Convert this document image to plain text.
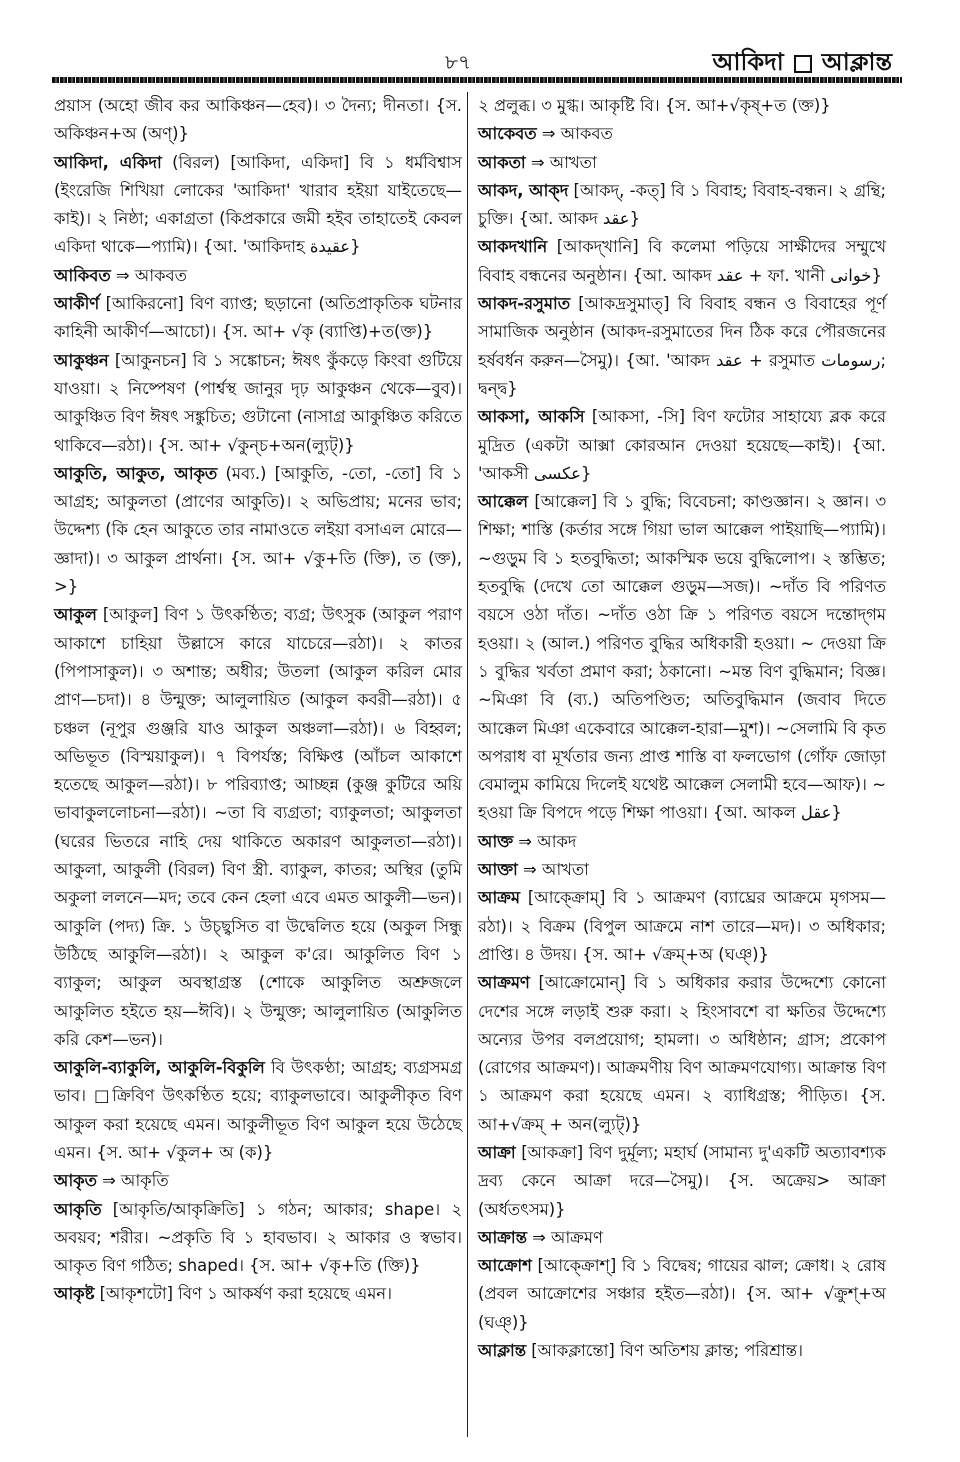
৮৭	আকিদা আক্লান্ত

প্রয়াস (অহো জীব কর আকিঞ্চন—হেব)। ৩ দৈন্য; দীনতা। {স. অকিঞ্চন+অ (অণ্)}

আকিদা, একিদা (বিরল) [আকিদা, একিদা] বি ১ ধর্মবিশ্বাস (ইংরেজি শিখিয়া লোকের 'আকিদা' খারাব হইয়া যাইতেছে—কাই)। ২ নিষ্ঠা; একাগ্রতা (কিপ্রকারে জমী হইব তাহাতেই কেবল একিদা থাকে—প্যামি)। {আ. 'আকিদাহ عقيدة}

আকিবত ⇒ আকবত

আকীর্ণ [আকিরনো] বিণ ব্যাপ্ত; ছড়ানো (অতিপ্রাকৃতিক ঘটনার কাহিনী আকীর্ণ—আচো)। {স. আ+ √কৃ (ব্যাপ্তি)+ত(ক্ত)}

আকুঞ্চন [আকুনচন] বি ১ সঙ্কোচন; ঈষৎ কুঁকড়ে কিংবা গুটিয়ে যাওয়া। ২ নিষ্পেষণ (পার্শ্বস্থ জানুর দৃঢ় আকুঞ্চন থেকে—বুব)। আকুঞ্চিত বিণ ঈষৎ সঙ্কুচিত; গুটানো (নাসাগ্র আকুঞ্চিত করিতে থাকিবে—রঠা)। {স. আ+ √কুন্চ+অন(ল্যুট্)}

আকুতি, আকুত, আকৃত (মব্য.) [আকুতি, -তো, -তো] বি ১ আগ্রহ; আকুলতা (প্রাণের আকুতি)। ২ অভিপ্রায়; মনের ভাব; উদ্দেশ্য (কি হেন আকুতে তার নামাওতে লইয়া বসাএল মোরে—জ্ঞাদা)। ৩ আকুল প্রার্থনা। {স. আ+ √কু+তি (ক্তি), ত (ক্ত), >}

আকুল [আকুল] বিণ ১ উৎকণ্ঠিত; ব্যগ্র; উৎসুক (আকুল পরাণ আকাশে চাহিয়া উল্লাসে কারে যাচেরে—রঠা)। ২ কাতর (পিপাসাকুল)। ৩ অশান্ত; অধীর; উতলা (আকুল করিল মোর প্রাণ—চদা)। ৪ উন্মুক্ত; আলুলায়িত (আকুল কবরী—রঠা)। ৫ চঞ্চল (নূপুর গুঞ্জরি যাও আকুল অঞ্চলা—রঠা)। ৬ বিহ্বল; অভিভূত (বিস্ময়াকুল)। ৭ বিপর্যস্ত; বিক্ষিপ্ত (আঁচল আকাশে হতেছে আকুল—রঠা)। ৮ পরিব্যাপ্ত; আচ্ছন্ন (কুঞ্জ কুটিরে অয়ি ভাবাকুললোচনা—রঠা)। ~তা বি ব্যগ্রতা; ব্যাকুলতা; আকুলতা (ঘরের ভিতরে নাহি দেয় থাকিতে অকারণ আকুলতা—রঠা)। আকুলা, আকুলী (বিরল) বিণ স্ত্রী. ব্যাকুল, কাতর; অস্থির (তুমি অকুলা ললনে—মদ; তবে কেন হেলা এবে এমত আকুলী—ভন)। আকুলি (পদ্য) ক্রি. ১ উচ্ছ্বসিত বা উদ্বেলিত হয়ে (অকুল সিন্ধু উঠিছে আকুলি—রঠা)। ২ আকুল ক'রে। আকুলিত বিণ ১ ব্যাকুল; আকুল অবস্থাগ্রস্ত (শোকে আকুলিত অশ্রুজলে আকুলিত হইতে হয়—ঈবি)। ২ উন্মুক্ত; আলুলায়িত (আকুলিত করি কেশ—ভন)।

আকুলি-ব্যাকুলি, আকুলি-বিকুলি বি উৎকণ্ঠা; আগ্রহ; ব্যগ্রসমগ্র ভাব। □ক্রিবিণ উৎকণ্ঠিত হয়ে; ব্যাকুলভাবে। আকুলীকৃত বিণ আকুল করা হয়েছে এমন। আকুলীভূত বিণ আকুল হয়ে উঠেছে এমন। {স. আ+ √কুল+ অ (ক)}

আকৃত ⇒ আকৃতি

আকৃতি [আকৃতি/আকৃক্রিতি] ১ গঠন; আকার; shape। ২ অবয়ব; শরীর। ~প্রকৃতি বি ১ হাবভাব। ২ আকার ও স্বভাব। আকৃত বিণ গঠিত; shaped। {স. আ+ √কৃ+তি (ক্তি)}

আকৃষ্ট [আকৃশটো] বিণ ১ আকর্ষণ করা হয়েছে এমন।

২ প্রলুব্ধ। ৩ মুগ্ধ। আকৃষ্টি বি। {স. আ+√কৃষ্+ত (ক্ত)}

আকেবত ⇒ আকবত

আকতা ⇒ আখতা

আকদ, আক্দ [আকদ্, -কত্] বি ১ বিবাহ; বিবাহ-বন্ধন। ২ গ্রন্থি; চুক্তি। {আ. আকদ عقد}

আকদখানি [আকদ্খানি] বি কলেমা পড়িয়ে সাক্ষীদের সম্মুখে বিবাহ বন্ধনের অনুষ্ঠান। {আ. আকদ عقد + ফা. খানী خوانی}

আকদ-রসুমাত [আকদ্রসুমাত্] বি বিবাহ বন্ধন ও বিবাহের পূর্ণ সামাজিক অনুষ্ঠান (আকদ-রসুমাতের দিন ঠিক করে পৌরজনের হর্ষবর্ধন করুন—সৈমু)। {আ. 'আকদ عقد + রসুমাত رسومات; দ্বন্দ্ব}

আকসা, আকসি [আকসা, -সি] বিণ ফটোর সাহায্যে ব্লক করে মুদ্রিত (একটা আক্সা কোরআন দেওয়া হয়েছে—কাই)। {আ. 'আকসী عكسى}

আক্কেল [আক্কেল] বি ১ বুদ্ধি; বিবেচনা; কাণ্ডজ্ঞান। ২ জ্ঞান। ৩ শিক্ষা; শাস্তি (কর্তার সঙ্গে গিয়া ভাল আক্কেল পাইয়াছি—প্যামি)। ~গুড়ুম বি ১ হতবুদ্ধিতা; আকস্মিক ভয়ে বুদ্ধিলোপ। ২ স্তম্ভিত; হতবুদ্ধি (দেখে তো আক্কেল গুড়ুম—সজ)। ~দাঁত বি পরিণত বয়সে ওঠা দাঁত। ~দাঁত ওঠা ক্রি ১ পরিণত বয়সে দন্তোদ্‌গম হওয়া। ২ (আল.) পরিণত বুদ্ধির অধিকারী হওয়া। ~ দেওয়া ক্রি ১ বুদ্ধির খর্বতা প্রমাণ করা; ঠকানো। ~মন্ত বিণ বুদ্ধিমান; বিজ্ঞ। ~মিঞা বি (ব্য.) অতিপণ্ডিত; অতিবুদ্ধিমান (জবাব দিতে আক্কেল মিঞা একেবারে আক্কেল-হারা—মুশ)। ~সেলামি বি কৃত অপরাধ বা মূর্খতার জন্য প্রাপ্ত শাস্তি বা ফলভোগ (গোঁফ জোড়া বেমালুম কামিয়ে দিলেই যথেষ্ট আক্কেল সেলামী হবে—আফ)। ~ হওয়া ক্রি বিপদে পড়ে শিক্ষা পাওয়া। {আ. আকল عقل}

আক্ত ⇒ আকদ

আক্তা ⇒ আখতা

আক্রম [আক্ক্রোম্] বি ১ আক্রমণ (ব্যাঘ্রের আক্রমে মৃগসম—রঠা)। ২ বিক্রম (বিপুল আক্রমে নাশ তারে—মদ)। ৩ অধিকার; প্রাপ্তি। ৪ উদয়। {স. আ+ √ক্রম্+অ (ঘঞ্)}

আক্রমণ [আক্রোমোন্] বি ১ অধিকার করার উদ্দেশ্যে কোনো দেশের সঙ্গে লড়াই শুরু করা। ২ হিংসাবশে বা ক্ষতির উদ্দেশ্যে অন্যের উপর বলপ্রয়োগ; হামলা। ৩ অধিষ্ঠান; গ্রাস; প্রকোপ (রোগের আক্রমণ)। আক্রমণীয় বিণ আক্রমণযোগ্য। আক্রান্ত বিণ ১ আক্রমণ করা হয়েছে এমন। ২ ব্যাধিগ্রস্ত; পীড়িত। {স. আ+√ক্রম্ + অন(ল্যুট্)}

আক্রা [আকক্রা] বিণ দুর্মূল্য; মহার্ঘ (সামান্য দু'একটি অত্যাবশ্যক দ্রব্য কেনে আক্রা দরে—সৈমু)। {স. অক্রেয়> আক্রা (অর্ধতৎসম)}

আক্রান্ত ⇒ আক্রমণ

আক্রোশ [আক্ক্রোশ্] বি ১ বিদ্বেষ; গায়ের ঝাল; ক্রোধ। ২ রোষ (প্রবল আক্রোশের সঞ্চার হইত—রঠা)। {স. আ+ √ক্রুশ্+অ (ঘঞ্)}

আক্লান্ত [আকক্লান্তো] বিণ অতিশয় ক্লান্ত; পরিশ্রান্ত।
